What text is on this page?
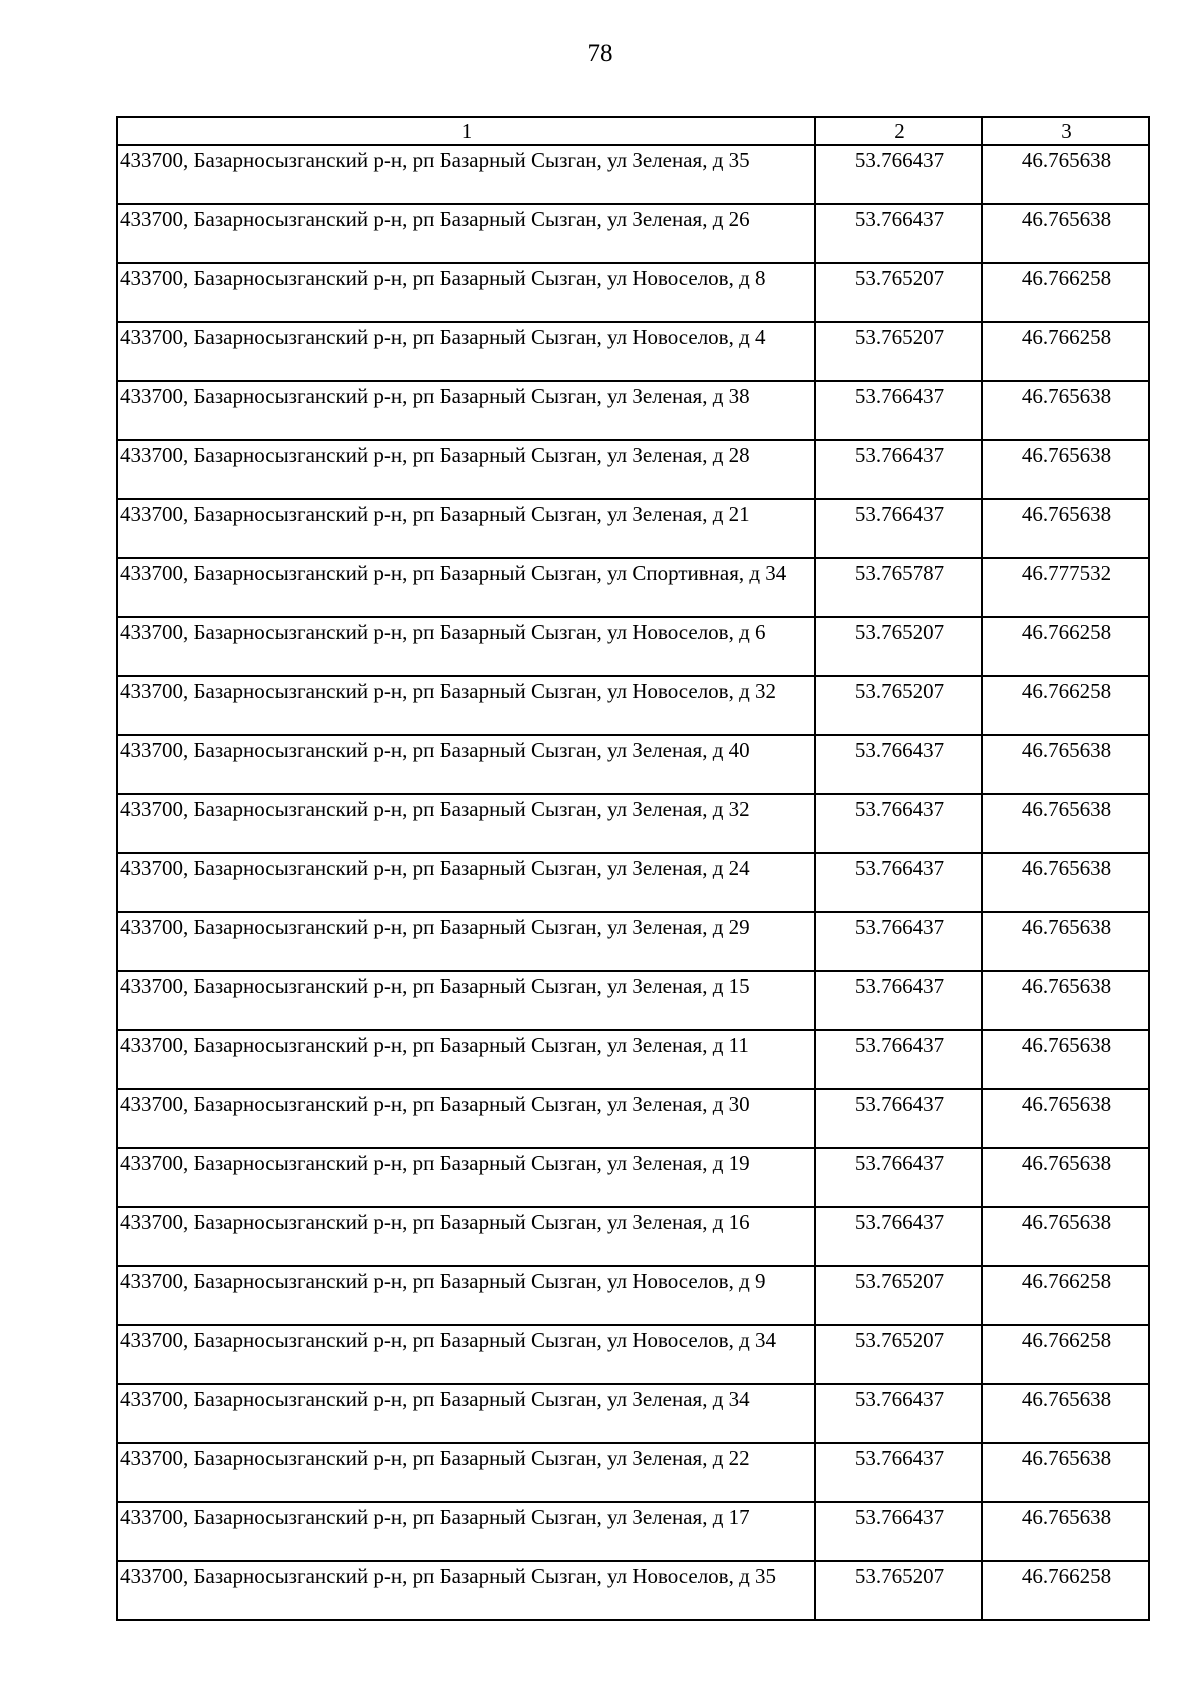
78
1	2	3
433700, Базарносызганский р-н, рп Базарный Сызган, ул Зеленая, д 35	53.766437	46.765638
433700, Базарносызганский р-н, рп Базарный Сызган, ул Зеленая, д 26	53.766437	46.765638
433700, Базарносызганский р-н, рп Базарный Сызган, ул Новоселов, д 8	53.765207	46.766258
433700, Базарносызганский р-н, рп Базарный Сызган, ул Новоселов, д 4	53.765207	46.766258
433700, Базарносызганский р-н, рп Базарный Сызган, ул Зеленая, д 38	53.766437	46.765638
433700, Базарносызганский р-н, рп Базарный Сызган, ул Зеленая, д 28	53.766437	46.765638
433700, Базарносызганский р-н, рп Базарный Сызган, ул Зеленая, д 21	53.766437	46.765638
433700, Базарносызганский р-н, рп Базарный Сызган, ул Спортивная, д 34	53.765787	46.777532
433700, Базарносызганский р-н, рп Базарный Сызган, ул Новоселов, д 6	53.765207	46.766258
433700, Базарносызганский р-н, рп Базарный Сызган, ул Новоселов, д 32	53.765207	46.766258
433700, Базарносызганский р-н, рп Базарный Сызган, ул Зеленая, д 40	53.766437	46.765638
433700, Базарносызганский р-н, рп Базарный Сызган, ул Зеленая, д 32	53.766437	46.765638
433700, Базарносызганский р-н, рп Базарный Сызган, ул Зеленая, д 24	53.766437	46.765638
433700, Базарносызганский р-н, рп Базарный Сызган, ул Зеленая, д 29	53.766437	46.765638
433700, Базарносызганский р-н, рп Базарный Сызган, ул Зеленая, д 15	53.766437	46.765638
433700, Базарносызганский р-н, рп Базарный Сызган, ул Зеленая, д 11	53.766437	46.765638
433700, Базарносызганский р-н, рп Базарный Сызган, ул Зеленая, д 30	53.766437	46.765638
433700, Базарносызганский р-н, рп Базарный Сызган, ул Зеленая, д 19	53.766437	46.765638
433700, Базарносызганский р-н, рп Базарный Сызган, ул Зеленая, д 16	53.766437	46.765638
433700, Базарносызганский р-н, рп Базарный Сызган, ул Новоселов, д 9	53.765207	46.766258
433700, Базарносызганский р-н, рп Базарный Сызган, ул Новоселов, д 34	53.765207	46.766258
433700, Базарносызганский р-н, рп Базарный Сызган, ул Зеленая, д 34	53.766437	46.765638
433700, Базарносызганский р-н, рп Базарный Сызган, ул Зеленая, д 22	53.766437	46.765638
433700, Базарносызганский р-н, рп Базарный Сызган, ул Зеленая, д 17	53.766437	46.765638
433700, Базарносызганский р-н, рп Базарный Сызган, ул Новоселов, д 35	53.765207	46.766258
